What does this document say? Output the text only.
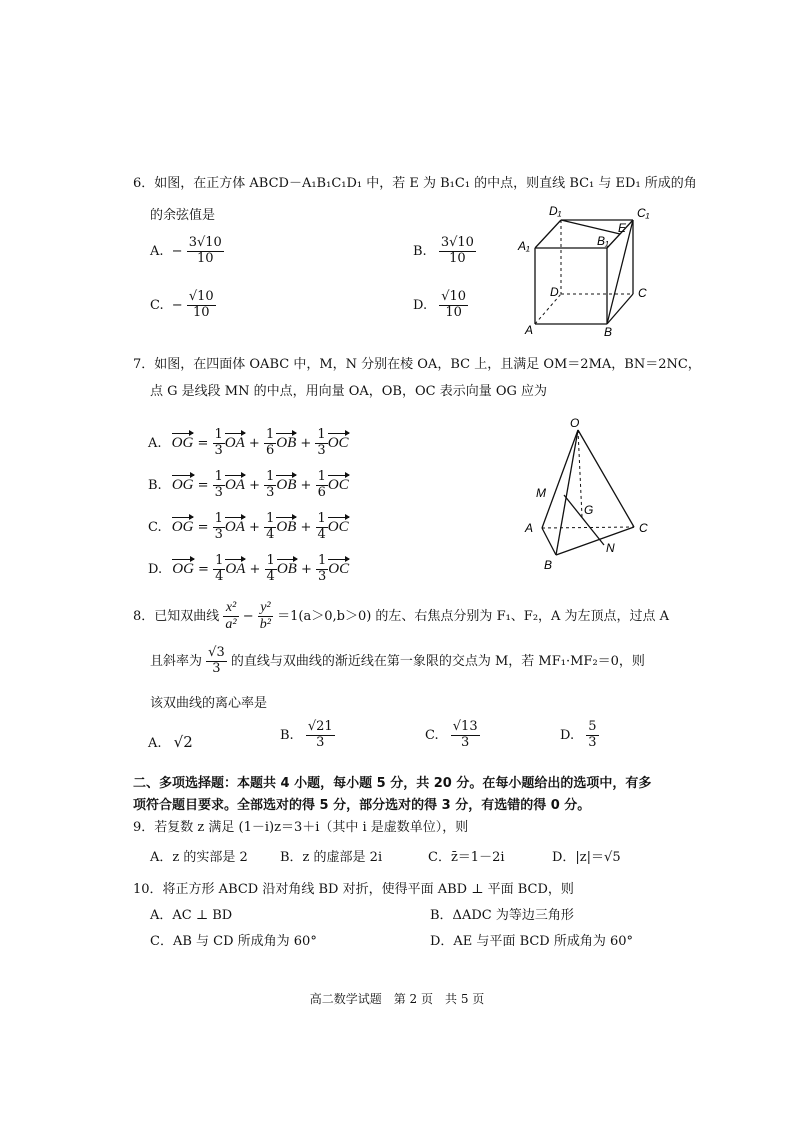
6．如图，在正方体 ABCD－A₁B₁C₁D₁ 中，若 E 为 B₁C₁ 的中点，则直线 BC₁ 与 ED₁ 所成的角
的余弦值是
A. − $\frac{3√10}{10}$	B. $\frac{3√10}{10}$
C. − $\frac{√10}{10}$	D. $\frac{√10}{10}$
D₁	C₁
E
B₁
A₁
D	C
A	B
7．如图，在四面体 OABC 中，M，N 分别在棱 OA，BC 上，且满足 OM＝2MA，BN＝2NC，
点 G 是线段 MN 的中点，用向量 OA，OB，OC 表示向量 OG 应为
A. OG = $\frac{1}{3}$ OA + $\frac{1}{6}$ OB + $\frac{1}{3}$ OC
B. OG = $\frac{1}{3}$ OA + $\frac{1}{3}$ OB + $\frac{1}{6}$ OC
C. OG = $\frac{1}{3}$ OA + $\frac{1}{4}$ OB + $\frac{1}{4}$ OC
D. OG = $\frac{1}{4}$ OA + $\frac{1}{4}$ OB + $\frac{1}{3}$ OC
O
M
G
A	C
N
B
8．已知双曲线 $\frac{\text{x²}}{\text{a²}} - \frac{\text{y²}}{\text{b²}} =1(a>0,b>0)$ 的左、右焦点分别为 F₁、F₂，A 为左顶点，过点 A
且斜率为 $\frac{√3}{3}$ 的直线与双曲线的渐近线在第一象限的交点为 M，若 MF₁·MF₂＝0，则
该双曲线的离心率是
A. √2	B. $\frac{√21}{3}$	C. $\frac{√13}{3}$	D. $\frac{5}{3}$
二、多项选择题：本题共 4 小题，每小题 5 分，共 20 分。在每小题给出的选项中，有多
项符合题目要求。全部选对的得 5 分，部分选对的得 3 分，有选错的得 0 分。
9．若复数 z 满足 (1－i)z＝3＋i（其中 i 是虚数单位），则
A．z 的实部是 2 B．z 的虚部是 2i	C．z̄＝1－2i	D．|z|＝√5
10．将正方形 ABCD 沿对角线 BD 对折，使得平面 ABD ⊥ 平面 BCD，则
A．AC ⊥ BD	B．ΔADC 为等边三角形
C．AB 与 CD 所成角为 60°	D．AE 与平面 BCD 所成角为 60°
高二数学试题　第 2 页　共 5 页
